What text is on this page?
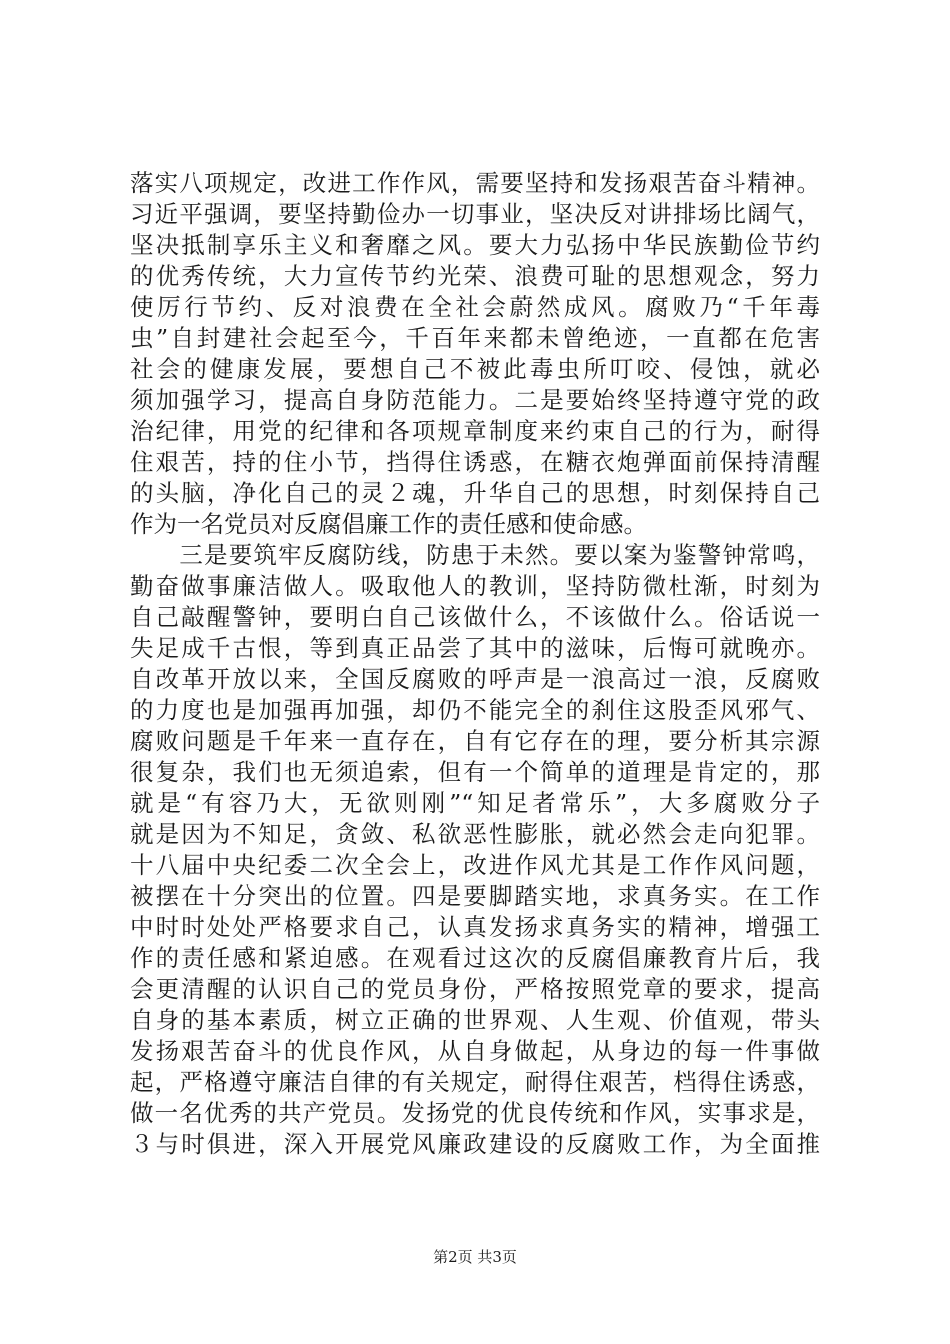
落实八项规定，改进工作作风，需要坚持和发扬艰苦奋斗精神。
习近平强调，要坚持勤俭办一切事业，坚决反对讲排场比阔气，
坚决抵制享乐主义和奢靡之风。要大力弘扬中华民族勤俭节约
的优秀传统，大力宣传节约光荣、浪费可耻的思想观念，努力
使厉行节约、反对浪费在全社会蔚然成风。腐败乃“千年毒
虫”自封建社会起至今，千百年来都未曾绝迹，一直都在危害
社会的健康发展，要想自己不被此毒虫所叮咬、侵蚀，就必
须加强学习，提高自身防范能力。二是要始终坚持遵守党的政
治纪律，用党的纪律和各项规章制度来约束自己的行为，耐得
住艰苦，持的住小节，挡得住诱惑，在糖衣炮弹面前保持清醒
的头脑，净化自己的灵２魂，升华自己的思想，时刻保持自己
作为一名党员对反腐倡廉工作的责任感和使命感。
　　三是要筑牢反腐防线，防患于未然。要以案为鉴警钟常鸣，
勤奋做事廉洁做人。吸取他人的教训，坚持防微杜渐，时刻为
自己敲醒警钟，要明白自己该做什么，不该做什么。俗话说一
失足成千古恨，等到真正品尝了其中的滋味，后悔可就晚亦。
自改革开放以来，全国反腐败的呼声是一浪高过一浪，反腐败
的力度也是加强再加强，却仍不能完全的刹住这股歪风邪气、
腐败问题是千年来一直存在，自有它存在的理，要分析其宗源
很复杂，我们也无须追索，但有一个简单的道理是肯定的，那
就是“有容乃大，无欲则刚”“知足者常乐”，大多腐败分子
就是因为不知足，贪敛、私欲恶性膨胀，就必然会走向犯罪。
十八届中央纪委二次全会上，改进作风尤其是工作作风问题，
被摆在十分突出的位置。四是要脚踏实地，求真务实。在工作
中时时处处严格要求自己，认真发扬求真务实的精神，增强工
作的责任感和紧迫感。在观看过这次的反腐倡廉教育片后，我
会更清醒的认识自己的党员身份，严格按照党章的要求，提高
自身的基本素质，树立正确的世界观、人生观、价值观，带头
发扬艰苦奋斗的优良作风，从自身做起，从身边的每一件事做
起，严格遵守廉洁自律的有关规定，耐得住艰苦，档得住诱惑，
做一名优秀的共产党员。发扬党的优良传统和作风，实事求是，
３与时俱进，深入开展党风廉政建设的反腐败工作，为全面推
第2页 共3页
